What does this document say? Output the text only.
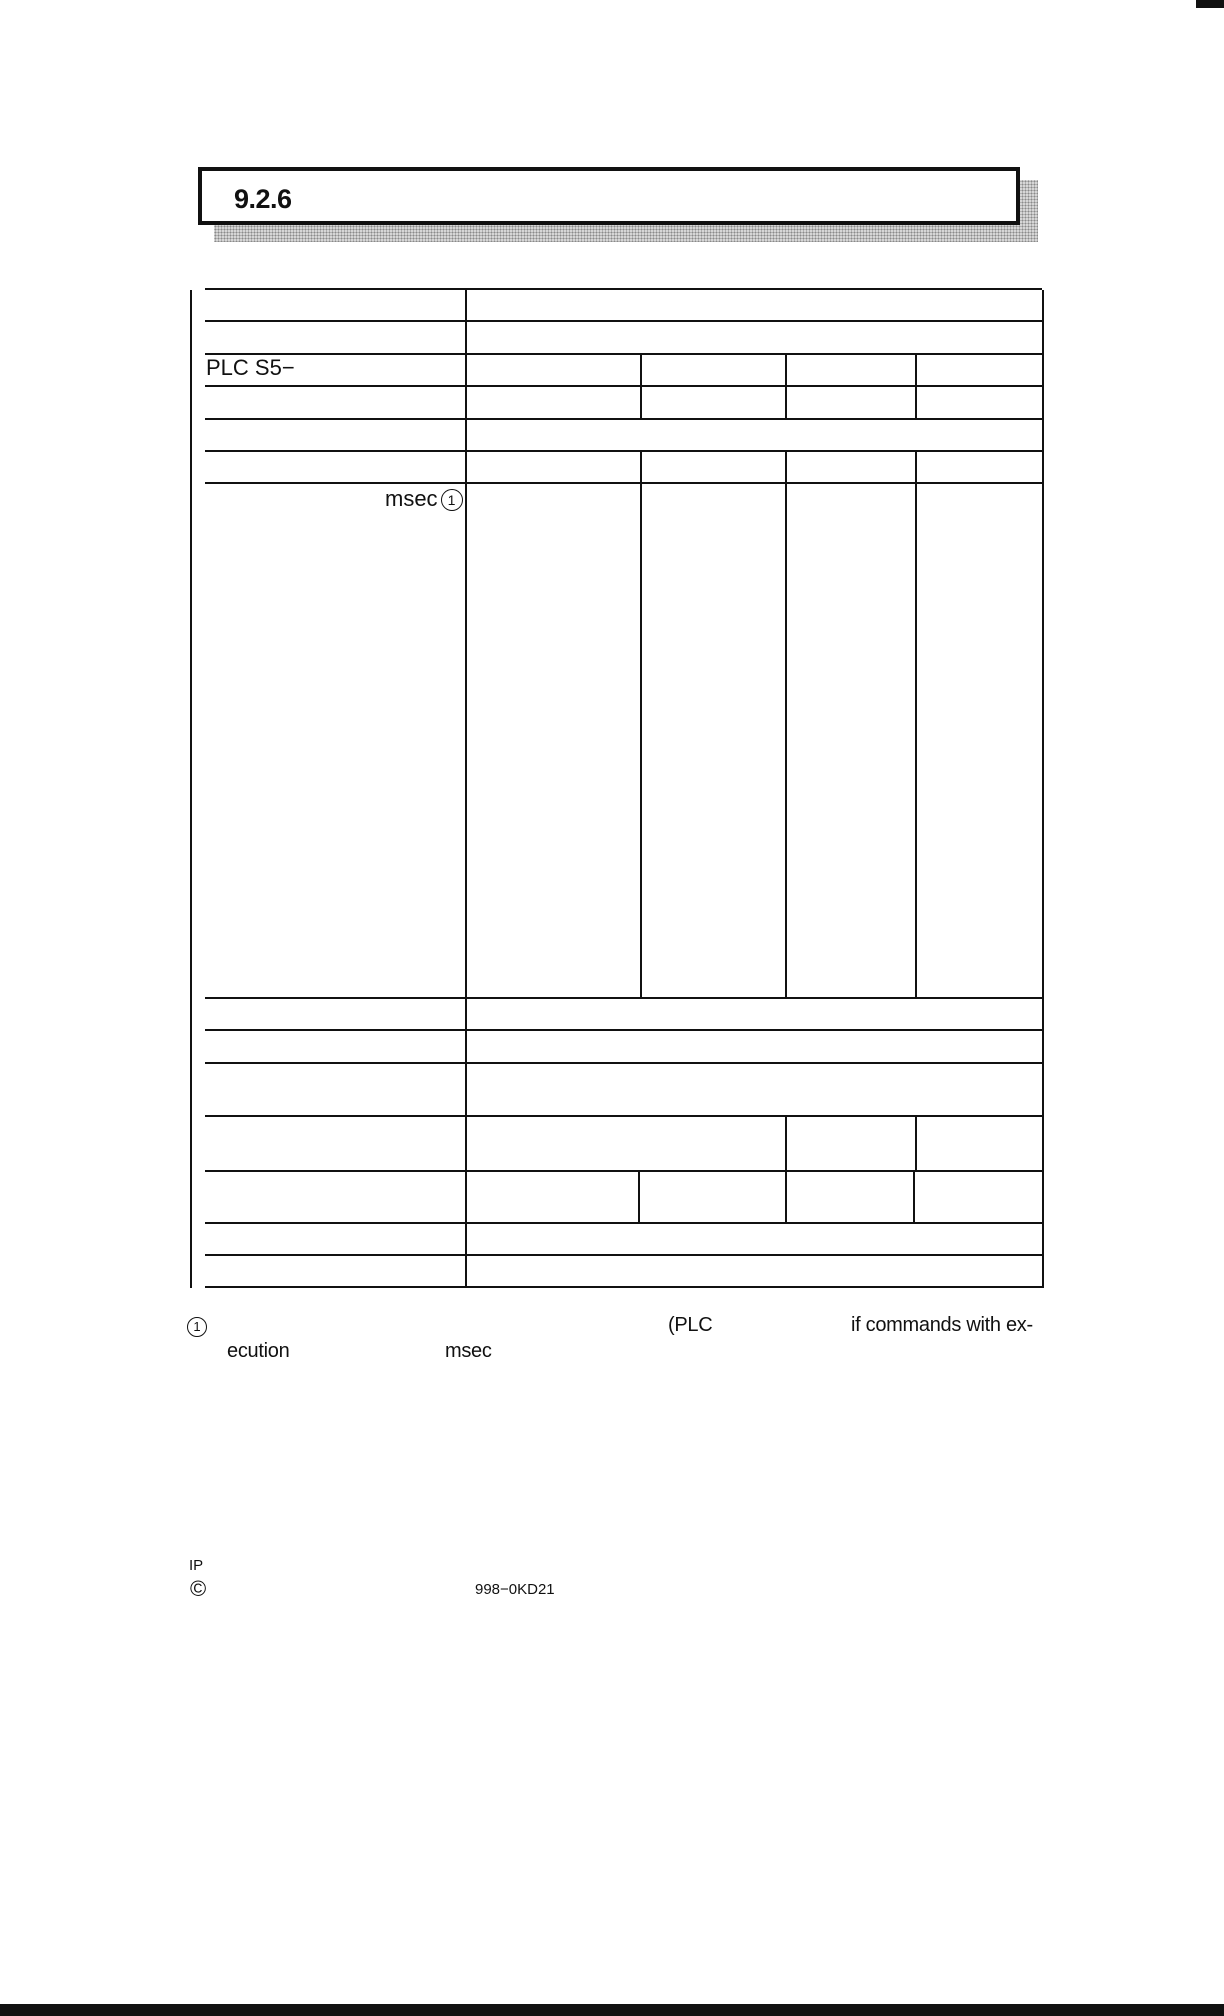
9.2.6
PLC S5−
msec 1
1	(PLC	if commands with ex-
ecution	msec
IP
©	998−0KD21
